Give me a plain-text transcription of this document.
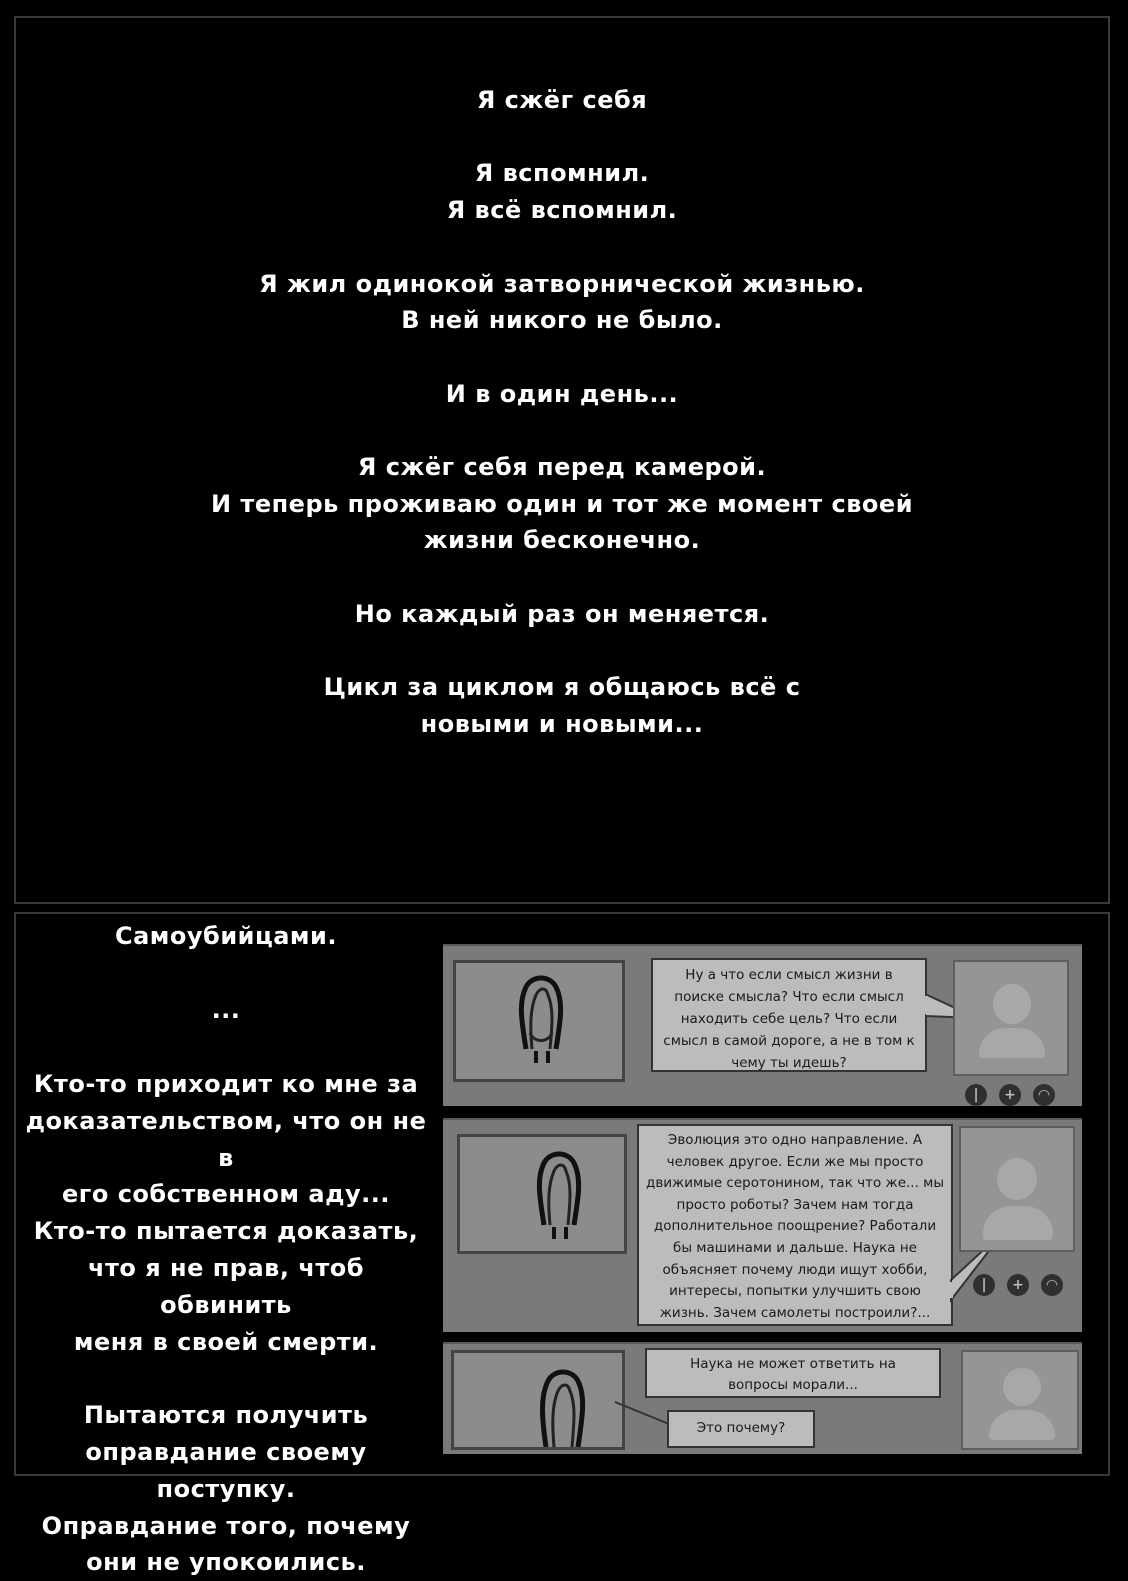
Я сжёг себя

Я вспомнил.
Я всё вспомнил.

Я жил одинокой затворнической жизнью.
В ней никого не было.

И в один день...

Я сжёг себя перед камерой.
И теперь проживаю один и тот же момент своей
жизни бесконечно.

Но каждый раз он меняется.

Цикл за циклом я общаюсь всё с
новыми и новыми...
Самоубийцами.
...
Кто-то приходит ко мне за
доказательством, что он не в
его собственном аду...
Кто-то пытается доказать,
что я не прав, чтоб обвинить
меня в своей смерти.

Пытаются получить
оправдание своему поступку.
Оправдание того, почему
они не упокоились.
Ну а что если смысл жизни в
поиске смысла? Что если смысл
находить себе цель? Что если
смысл в самой дороге, а не в том к
чему ты идешь?
|	+	◠
Эволюция это одно направление. А
человек другое. Если же мы просто
движимые серотонином, так что же... мы
просто роботы? Зачем нам тогда
дополнительное поощрение? Работали
бы машинами и дальше. Наука не
объясняет почему люди ищут хобби,
интересы, попытки улучшить свою
жизнь. Зачем самолеты построили?...
|	+	◠
Наука не может ответить на
вопросы морали...
Это почему?
